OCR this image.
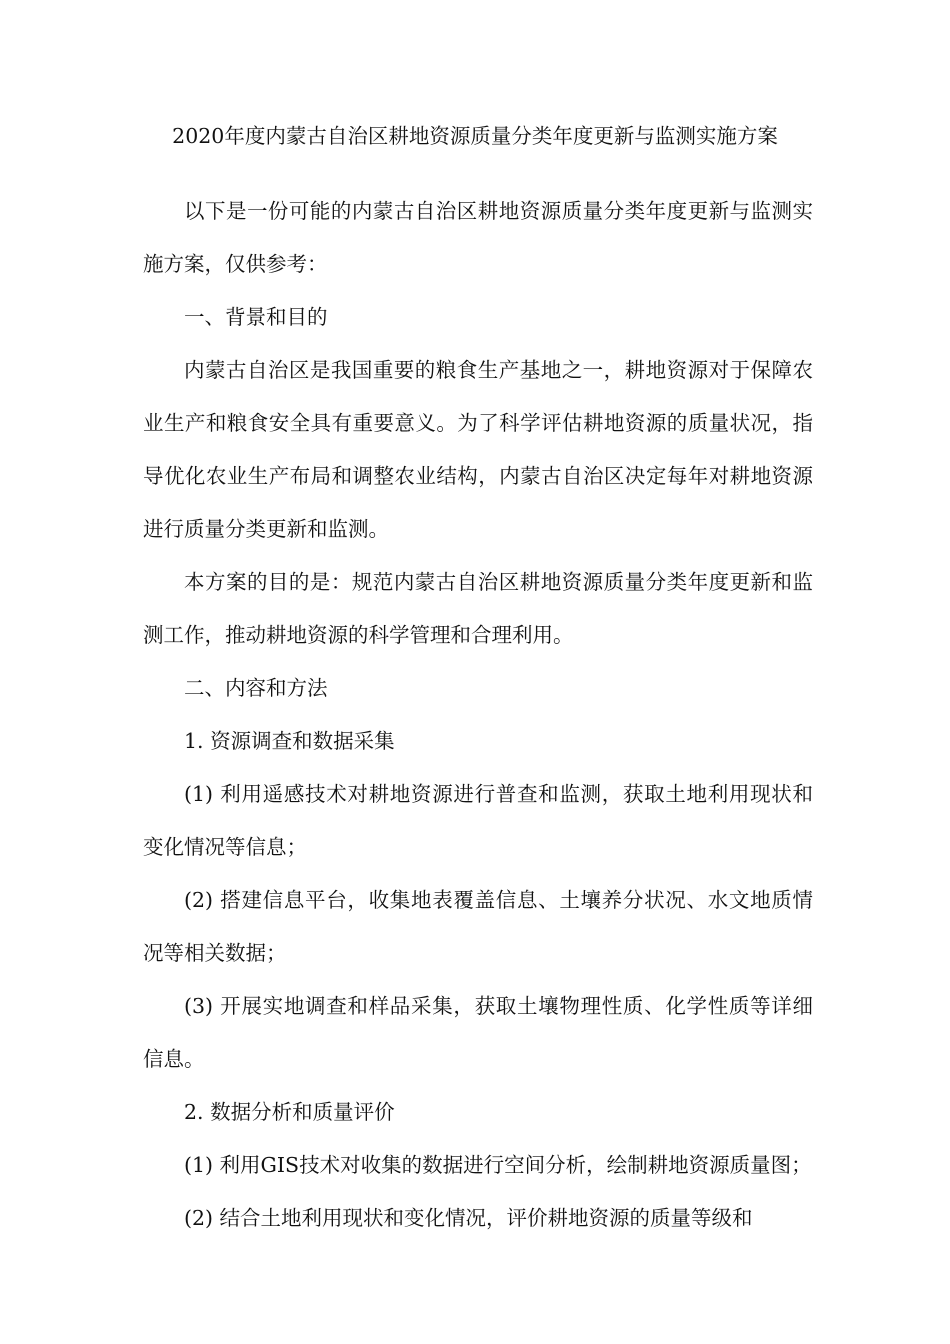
2020年度内蒙古自治区耕地资源质量分类年度更新与监测实施方案

以下是一份可能的内蒙古自治区耕地资源质量分类年度更新与监测实施方案，仅供参考：

一、背景和目的

内蒙古自治区是我国重要的粮食生产基地之一，耕地资源对于保障农业生产和粮食安全具有重要意义。为了科学评估耕地资源的质量状况，指导优化农业生产布局和调整农业结构，内蒙古自治区决定每年对耕地资源进行质量分类更新和监测。

本方案的目的是：规范内蒙古自治区耕地资源质量分类年度更新和监测工作，推动耕地资源的科学管理和合理利用。

二、内容和方法

1. 资源调查和数据采集

(1) 利用遥感技术对耕地资源进行普查和监测，获取土地利用现状和变化情况等信息；

(2) 搭建信息平台，收集地表覆盖信息、土壤养分状况、水文地质情况等相关数据；

(3) 开展实地调查和样品采集，获取土壤物理性质、化学性质等详细信息。

2. 数据分析和质量评价

(1) 利用GIS技术对收集的数据进行空间分析，绘制耕地资源质量图；

(2) 结合土地利用现状和变化情况，评价耕地资源的质量等级和
